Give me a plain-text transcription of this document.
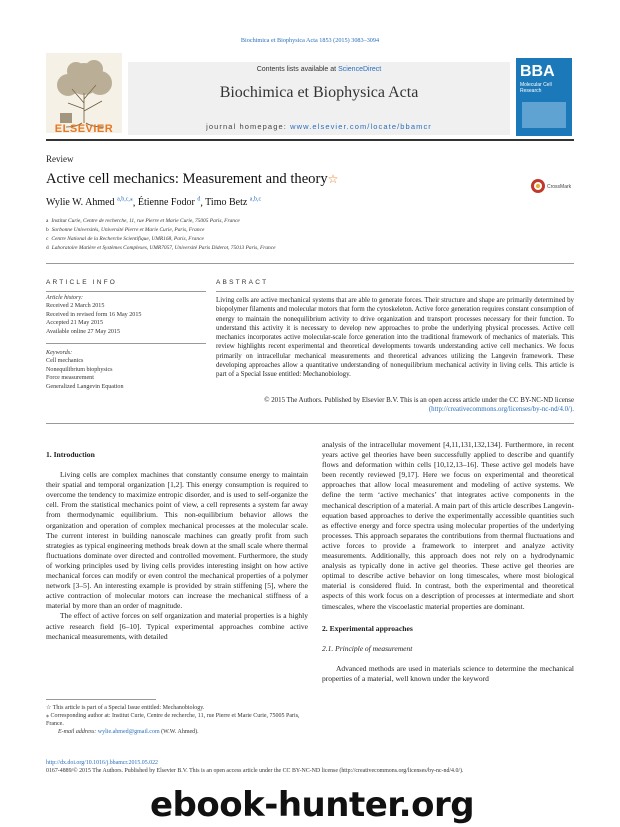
Biochimica et Biophysica Acta 1853 (2015) 3083–3094
ELSEVIER
Contents lists available at ScienceDirect
Biochimica et Biophysica Acta
journal homepage: www.elsevier.com/locate/bbamcr
BBA
Molecular Cell Research
Review
Active cell mechanics: Measurement and theory☆
CrossMark
Wylie W. Ahmed $^{a,b,c,⁎}$, Étienne Fodor $^d$, Timo Betz $^{a,b,c}$
a Institut Curie, Centre de recherche, 11, rue Pierre et Marie Curie, 75005 Paris, France
b Sorbonne Universités, Université Pierre et Marie Curie, Paris, France
c Centre National de la Recherche Scientifique, UMR168, Paris, France
d Laboratoire Matière et Systèmes Complexes, UMR7057, Université Paris Diderot, 75013 Paris, France
ARTICLE INFO
Article history:
Received 2 March 2015
Received in revised form 16 May 2015
Accepted 21 May 2015
Available online 27 May 2015
Keywords:
Cell mechanics
Nonequilibrium biophysics
Force measurement
Generalized Langevin Equation
ABSTRACT
Living cells are active mechanical systems that are able to generate forces. Their structure and shape are primarily determined by biopolymer filaments and molecular motors that form the cytoskeleton. Active force generation requires constant consumption of energy to maintain the nonequilibrium activity to drive organization and transport processes necessary for their function. To understand this activity it is necessary to develop new approaches to probe the underlying physical processes. Active cell mechanics incorporates active molecular-scale force generation into the traditional framework of mechanics of materials. This review highlights recent experimental and theoretical developments towards understanding active cell mechanics. We focus primarily on intracellular mechanical measurements and theoretical advances utilizing the Langevin framework. These developing approaches allow a quantitative understanding of nonequilibrium mechanical activity in living cells. This article is part of a Special Issue entitled: Mechanobiology.
© 2015 The Authors. Published by Elsevier B.V. This is an open access article under the CC BY-NC-ND license
(http://creativecommons.org/licenses/by-nc-nd/4.0/).
1. Introduction

Living cells are complex machines that constantly consume energy to maintain their spatial and temporal organization [1,2]. This energy consumption is required to overcome the tendency to maximize entropic disorder, and is used to self-organize the cell. From the statistical mechanics point of view, a cell represents a system far away from thermodynamic equilibrium. This non-equilibrium behavior allows the organization and operation of complex mechanical processes at the molecular scale. The current interest in building nanoscale machines can greatly profit from such strategies as typical engineering methods break down at the small scale where thermal fluctuations dominate over directed and controlled movement. Furthermore, the study of working principles used by living cells provides interesting insight on how active mechanical forces can modify or even control the mechanical properties of a polymer network [3–5]. An interesting example is provided by strain stiffening [5], where the active contraction of molecular motors can increase the mechanical stiffness of a material by more than an order of magnitude.

The effect of active forces on self organization and material properties is a highly active research field [6–10]. Typical experimental approaches combine active mechanical measurements, with detailed

analysis of the intracellular movement [4,11,131,132,134]. Furthermore, in recent years active gel theories have been successfully applied to describe and quantify flows and deformation within cells [10,12,13–16]. These active gel models have been recently reviewed [9,17]. Here we focus on experimental and theoretical approaches that allow local measurement and modeling of active systems. We define the term ‘active mechanics’ that integrates active components in the mechanical description of a material. A main part of this article describes Langevin-equation based approaches to derive the experimentally accessible quantities such as effective energy and force spectra using molecular properties of the underlying processes. This approach separates the contributions from thermal fluctuations and active forces to provide a framework to interpret and analyze activity measurements. Additionally, this approach does not rely on a hydrodynamic analysis as typically done in active gel theories. These active gel theories are optimal to describe active behavior on long timescales, where most biological material is considered fluid. In contrast, both the experimental and theoretical aspects of this work focus on a description of processes at intermediate and short timescales, where the viscoelastic material properties are dominant.

2. Experimental approaches
2.1. Principle of measurement

Advanced methods are used in materials science to determine the mechanical properties of a material, well known under the keyword

☆ This article is part of a Special Issue entitled: Mechanobiology.
⁎ Corresponding author at: Institut Curie, Centre de recherche, 11, rue Pierre et Marie Curie, 75005 Paris, France.
E-mail address: wylie.ahmed@gmail.com (W.W. Ahmed).
http://dx.doi.org/10.1016/j.bbamcr.2015.05.022
0167-4889/© 2015 The Authors. Published by Elsevier B.V. This is an open access article under the CC BY-NC-ND license (http://creativecommons.org/licenses/by-nc-nd/4.0/).
ebook-hunter.org
